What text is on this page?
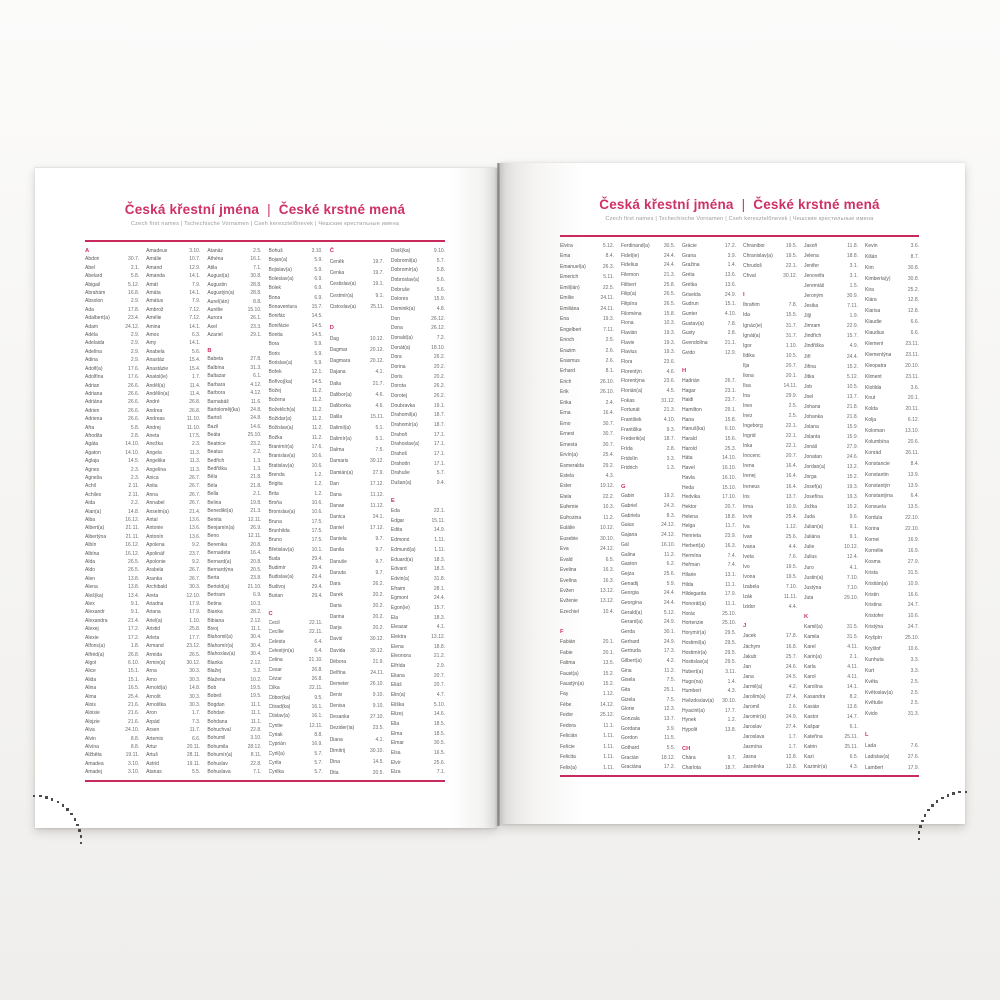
Česká křestní jména | České krstné mená
Czech first names | Tschechische Vornamen | Cseh keresztelőnevek | Чешские крестильные имена
A
Abdon	30.7.
Abel	2.1.
Abelard	5.8.
Abigail	5.12.
Abrahám	16.8.
Absolon	2.9.
Ada	17.8.
Adalbert(a)	23.4.
Adam	24.12.
Adéla	2.9.
Adelaida	2.9.
Adelína	2.9.
Adina	2.9.
Adolf(a)	17.6.
Adolfína	17.6.
Adrian	26.6.
Adriana	26.6.
Adriána	26.6.
Adrien	26.6.
Adriena	26.6.
Afra	5.8.
Afrodita	2.8.
Agáta	14.10.
Agaton	14.10.
Aglaja	14.5.
Agnes	2.3.
Agneša	2.3.
Achil	2.11.
Achiles	2.11.
Aida	2.2.
Alan(a)	14.8.
Alba	16.12.
Albert(a)	21.11.
Albertýna	21.11.
Albín	16.12.
Albína	16.12.
Alda	26.5.
Aldo	26.5.
Alen	13.8.
Alena	13.8.
Aleš(ka)	13.4.
Alex	9.1.
Alexandr	9.1.
Alexandra	21.4.
Alexej	17.2.
Alexie	17.2.
Alfons(a)	1.8.
Alfréd(a)	26.8.
Algot	6.10.
Alice	15.1.
Alida	15.1.
Alina	16.5.
Alma	25.4.
Alois	21.6.
Aloisie	21.6.
Alojzie	21.6.
Alva	24.10.
Alvin	8.8.
Alvína	8.8.
Alžběta	19.11.
Amadea	3.10.
Amadej	3.10.
Amadeus	3.10.
Amálie	10.7.
Amand	12.9.
Amanda	14.1.
Amát	7.9.
Amáta	14.1.
Amátus	7.9.
Ambrož	7.12.
Amélie	7.12.
Amina	14.1.
Ámos	6.3.
Amy	14.1.
Anabela	5.6.
Anastáz	15.4.
Anastázie	15.4.
Anatol(ie)	1.7.
Anděl(a)	11.4.
Andělín(a)	11.4.
André	26.8.
Andrea	26.8.
Andreas	11.10.
Andrej	11.10.
Aneta	17.5.
Anežka	2.3.
Angela	11.3.
Angelika	11.3.
Angelína	11.3.
Anica	26.7.
Anita	26.7.
Anna	26.7.
Annabel	26.7.
Anselm(a)	21.4.
Antal	13.6.
Antonie	13.6.
Antonín	13.6.
Apolena	9.2.
Apolinář	23.7.
Apolonie	9.2.
Arabela	26.7.
Aranka	26.7.
Archibald	30.3.
Areta	12.10.
Ariadna	17.9.
Ariana	17.9.
Ariel(a)	1.10.
Aristid	25.8.
Arleta	17.7.
Armand	23.12.
Armida	26.5.
Armin(a)	30.12.
Arna	30.3.
Arno	30.3.
Arnold(a)	14.8.
Arnošt	30.3.
Arnoštka	30.3.
Áron	1.7.
Arpád	7.3.
Arsen	11.7.
Artemis	6.6.
Artur	20.11.
Artuš	28.11.
Astrid	19.11.
Atanas	5.5.
Atanáz	2.5.
Athéna	16.1.
Atila	7.1.
August(a)	30.8.
Augustin	28.8.
Augustýn(a)	28.8.
Aurel(ián)	8.8.
Aurélie	15.10.
Aurora	26.1.
Axel	23.3.
Azariel	29.1.
B
Babeta	27.8.
Balbína	31.3.
Baltazar	6.1.
Barbara	4.12.
Barbora	4.12.
Barnabáš	11.6.
Bartoloměj(ka)	24.8.
Bartoš	24.8.
Bazil	14.6.
Beáta	25.10.
Beatrice	23.2.
Beatus	2.2.
Bedřich	1.3.
Bedřiška	1.3.
Běla	21.8.
Béla	21.8.
Bella	2.1.
Belina	19.8.
Benedikt(a)	21.3.
Benita	12.11.
Benjamín(a)	26.9.
Beno	12.11.
Berenika	20.8.
Bernadeta	16.4.
Bernard(a)	20.8.
Bernardýna	20.5.
Berta	23.8.
Bertold(a)	21.10.
Bertram	6.9.
Betina	10.3.
Bianka	28.2.
Bibiana	2.12.
Bivoj	11.1.
Blahomil(a)	30.4.
Blahomír(a)	30.4.
Blahoslav(a)	30.4.
Blanka	2.12.
Blažej	3.2.
Blažena	10.2.
Bob	19.5.
Bobeš	19.5.
Bogdan	11.1.
Bohdan	11.1.
Bohdana	11.1.
Bohuchval	22.8.
Bohumil	3.10.
Bohumila	28.12.
Bohumír(a)	8.11.
Bohuslav	22.8.
Bohuslava	7.1.
Bohuš	3.10.
Bojan(a)	5.9.
Bojislav(a)	5.9.
Boleslav(a)	6.9.
Bolek	6.9.
Bona	6.9.
Bonaventura	15.7.
Bonifác	14.5.
Bonifácie	14.5.
Bonita	14.5.
Bora	5.9.
Boris	5.9.
Borislav(a)	5.9.
Bořek	12.1.
Bořivoj(ka)	14.5.
Božej	11.2.
Božena	11.2.
Božetěch(a)	11.2.
Božidar(a)	11.2.
Božislav(a)	11.2.
Božka	11.2.
Branimír(a)	17.6.
Branislav(a)	10.6.
Bratislav(a)	10.6.
Brenda	1.2.
Brigita	1.2.
Brita	1.2.
Broňa	10.6.
Bronislav(a)	10.6.
Bruna	17.5.
Brunhilda	17.5.
Bruno	17.5.
Břetislav(a)	10.1.
Buda	29.4.
Budimír	29.4.
Budislav(a)	29.4.
Budivoj	29.4.
Burian	29.4.
C
Cecil	22.11.
Cecílie	22.11.
Celesta	6.4.
Celestýn(a)	6.4.
Celina	21.10.
Cesar	26.8.
Cézar	26.8.
Cilka	22.11.
Ctibor(ka)	9.5.
Ctirad(ka)	16.1.
Ctislav(a)	16.1.
Cyntie	12.11.
Cyriak	8.8.
Cyprián	16.9.
Cyril(a)	5.7.
Cyrila	5.7.
Cyrilka	5.7.
Č
Čeněk	19.7.
Čenka	19.7.
Čestislav(a)	19.1.
Čestmír(a)	9.1.
Čistoslav(a)	25.11.
D
Dag	10.12.
Dagmar	20.12.
Dagmara	20.12.
Dajana	4.1.
Dalia	21.7.
Dalibor(a)	4.6.
Daliborka	4.6.
Dalila	15.11.
Dalimil(a)	5.1.
Dalimír(a)	5.1.
Dalma	7.5.
Damaris	30.12.
Damián(a)	27.9.
Dan	17.12.
Dana	11.12.
Danae	11.12.
Danica	24.1.
Daniel	17.12.
Daniela	9.7.
Danila	9.7.
Danuše	9.7.
Danuta	9.7.
Dara	26.2.
Darek	20.2.
Daria	20.2.
Darina	20.2.
Darja	20.2.
David	30.12.
Davida	30.12.
Débora	21.9.
Delfína	24.11.
Demeter	26.10.
Denis	9.10.
Denisa	9.10.
Desanka	27.10.
Dezider(ia)	23.5.
Diana	4.1.
Dimitrij	30.10.
Dina	14.5.
Dita	20.5.
Diviš(ka)	9.10.
Dobromil(a)	5.7.
Dobromír(a)	5.8.
Dobroslav(a)	5.6.
Dobruše	5.6.
Dolores	15.9.
Dominik(a)	4.8.
Don	26.12.
Dona	26.12.
Donald(a)	7.2.
Donát(a)	18.10.
Dora	26.2.
Dorina	20.2.
Doris	20.2.
Dorota	26.2.
Dorotej	26.2.
Doubravka	19.1.
Drahomil(a)	18.7.
Drahomír(a)	18.7.
Drahoň	17.1.
Drahoslav(a)	17.1.
Drahoš	17.1.
Drahotín	17.1.
Drahuše	5.7.
Dušan(a)	9.4.
E
Eda	22.1.
Edgar	15.11.
Edita	14.9.
Edmond	1.11.
Edmund(a)	1.11.
Eduard(a)	18.3.
Edvard	18.3.
Edvin(a)	31.8.
Efraim	28.1.
Egmont	24.4.
Egon(ie)	15.7.
Ela	18.3.
Eleazar	4.1.
Elektra	13.12.
Elena	18.8.
Eleonora	21.2.
Elfrída	2.9.
Eliana	20.7.
Eliáš	20.7.
Elin(a)	4.7.
Eliška	5.10.
Elizej	14.6.
Ella	18.5.
Elma	18.5.
Elmar	30.5.
Elsa	16.5.
Elvír	25.6.
Elza	7.1.
Česká křestní jména | České krstné mená
Czech first names | Tschechische Vornamen | Cseh keresztelőnevek | Чешские крестильные имена
Elvíra	5.12.
Ema	8.4.
Emanuel(a)	26.3.
Emerich	5.11.
Emil(ián)	22.5.
Emílie	24.11.
Emiliána	24.11.
Ena	19.3.
Engelbert	7.11.
Enoch	2.5.
Erazim	2.6.
Erasmus	2.6.
Erhard	8.1.
Erich	26.10.
Erik	26.10.
Erika	2.4.
Erna	16.4.
Erno	30.7.
Ernest	30.7.
Ernesta	30.7.
Ervín(a)	25.4.
Esmeralda	29.2.
Estela	4.3.
Ester	19.12.
Etela	22.2.
Eufemie	10.3.
Eufrozina	11.2.
Eulálie	10.12.
Eusebie	30.10.
Eva	24.12.
Evald	6.5.
Evelina	16.3.
Evelína	16.3.
Evžen	13.12.
Evženie	13.12.
Ezechiel	10.4.
F
Fabián	20.1.
Fabie	20.1.
Fatima	13.5.
Faust(a)	15.2.
Faustýn(a)	15.2.
Fay	1.12.
Fébe	14.12.
Fedor	25.12.
Fedora	11.1.
Felicián	1.11.
Felície	1.11.
Felicita	1.11.
Felix(a)	1.11.
Ferdinand(a)	30.5.
Fidel(ie)	24.4.
Fidelius	24.4.
Filemon	21.3.
Filibert	25.8.
Filip(a)	26.5.
Filipína	26.5.
Filoména	15.8.
Fiona	10.3.
Flavián	19.3.
Flavie	19.3.
Flavius	19.3.
Flora	23.6.
Florentýn	4.6.
Florentýna	23.6.
Florián(a)	4.5.
Fokas	31.12.
Fortunát	21.3.
František	4.10.
Františka	9.3.
Frederik(a)	18.7.
Frída	2.8.
Fridolín	3.3.
Fridrich	1.3.
G
Gabin	19.2.
Gabriel	24.3.
Gabriela	8.3.
Gaius	24.12.
Gajana	24.12.
Gál	16.10.
Galina	11.2.
Gaston	6.2.
Gejza	25.6.
Genadij	5.9.
Georgia	24.4.
Georgína	24.4.
Gerald(a)	5.12.
Gerard(a)	24.9.
Gerda	30.1.
Gerhard	24.9.
Gertruda	17.3.
Gilbert(a)	4.2.
Gina	11.2.
Gisela	7.5.
Gita	25.1.
Gizela	7.5.
Glorie	12.3.
Gonzala	13.7.
Gordana	3.9.
Gordon	11.5.
Gothard	5.5.
Gracián	18.12.
Graciána	17.2.
Grácie	17.2.
Grana	3.9.
Gražina	1.4.
Gréta	13.6.
Grétka	13.6.
Griselda	24.9.
Gudrun	15.1.
Gunter	4.10.
Gustav(a)	7.8.
Gusty	2.8.
Gvendolína	21.1.
Gvido	12.9.
H
Hadrián	26.7.
Hagar	23.1.
Haidi	23.7.
Hamilton	29.1.
Hana	15.8.
Hanuš(ka)	6.10.
Harald	15.6.
Harold	25.3.
Háta	14.10.
Havel	16.10.
Havla	16.10.
Heda	15.10.
Hedvika	17.10.
Hektor	20.7.
Helena	18.8.
Helga	11.7.
Henrieta	23.9.
Herbert(a)	16.3.
Hermína	7.4.
Heřman	7.4.
Hilarie	13.1.
Hilda	11.1.
Hildegarda	17.9.
Honorát(a)	11.1.
Horác	25.10.
Hortenzie	25.10.
Horymír(a)	29.5.
Hostimil(a)	29.5.
Hostimír(a)	29.5.
Hostislav(a)	29.5.
Hubert(a)	3.11.
Hugo(na)	1.4.
Humbert	4.3.
Hvězdoslav(a)	30.10.
Hyacint(a)	17.7.
Hynek	1.2.
Hypolit	13.8.
CH
Chára	9.7.
Charlota	18.7.
Chranibor	19.5.
Chranislav(a)	19.5.
Chrudoš	22.1.
Chval	30.12.
I
Ibrahim	7.8.
Ida	15.5.
Ignác(ie)	31.7.
Ignát(a)	31.7.
Igor	1.10.
Ildika	10.5.
Ilja	20.7.
Ilona	20.1.
Ilsa	14.11.
Ina	29.9.
Ines	2.5.
Inez	2.5.
Ingeborg	22.1.
Ingrid	22.1.
Inka	22.1.
Inocenc	20.7.
Irena	16.4.
Irenej	16.4.
Ireneus	16.4.
Iris	13.7.
Irma	10.9.
Irvin	25.4.
Iva	1.12.
Ivan	25.6.
Ivana	4.4.
Iveta	7.6.
Ivo	19.5.
Ivona	19.5.
Izabela	7.10.
Izák	11.11.
Izidor	4.4.
J
Jacek	17.8.
Jáchym	16.8.
Jakub	25.7.
Jan	24.6.
Jana	24.5.
Jarmil(a)	4.2.
Jarolím(a)	27.4.
Jaromil	2.6.
Jaromír(a)	24.9.
Jaroslav	27.4.
Jaroslava	1.7.
Jasmína	1.7.
Jasna	12.8.
Jasněnka	12.8.
Jasoň	11.8.
Jelena	18.8.
Jenifer	3.1.
Jenovéfa	3.1.
Jeremiáš	1.5.
Jeroným	30.9.
Jesika	7.11.
Jiljí	1.9.
Jimram	22.9.
Jindřich	15.7.
Jindřiška	4.9.
Jiří	24.4.
Jiřina	15.2.
Jitka	5.12.
Job	10.5.
Joel	13.7.
Johana	21.8.
Johanka	21.8.
Jolana	15.9.
Jolanta	15.9.
Jonáš	27.9.
Jonatan	24.6.
Jordan(a)	13.2.
Jorga	15.2.
Josef(a)	19.3.
Josefína	19.3.
Jožka	15.2.
Juda	9.6.
Julian(a)	9.1.
Juliána	9.1.
Julie	10.12.
Julius	12.4.
Juro	4.1.
Justin(a)	7.10.
Justýna	7.10.
Juta	29.10.
K
Kamil(a)	31.5.
Kamila	31.5.
Karel	4.11.
Karin(a)	2.1.
Karla	4.11.
Karol	4.11.
Karolína	14.1.
Kasandra	8.2.
Kasián	13.8.
Kastor	14.7.
Kašpar	6.1.
Kateřina	25.11.
Katrin	25.11.
Kazi	6.5.
Kazimír(a)	4.3.
Kevin	3.6.
Kilián	8.7.
Kim	30.8.
Kimberla(y)	30.8.
Kira	25.2.
Klára	12.8.
Klarisa	12.8.
Klaudie	6.6.
Klaudius	6.6.
Klement	23.11.
Klementýna	23.11.
Kleopatra	20.10.
Kliment	23.11.
Klotilda	3.6.
Knut	20.1.
Kolda	20.11.
Kolja	6.12.
Koloman	13.10.
Kolumbína	20.6.
Konrád	26.11.
Konstancie	8.4.
Konstantin	13.9.
Konstantýn	13.9.
Konstantýna	6.4.
Konsuela	13.5.
Kordula	22.10.
Korina	22.10.
Kornel	16.9.
Kornélie	16.9.
Kosma	27.9.
Krista	31.5.
Kristián(a)	10.9.
Kristin	16.6.
Kristina	24.7.
Kristofer	10.6.
Kristýna	24.7.
Kryšpín	25.10.
Kryštof	10.6.
Kunhuta	3.3.
Kurt	3.3.
Květa	2.5.
Květoslav(a)	2.5.
Květuše	2.5.
Kvido	31.3.
L
Lada	7.6.
Ladislav(a)	27.6.
Lambert	17.9.
